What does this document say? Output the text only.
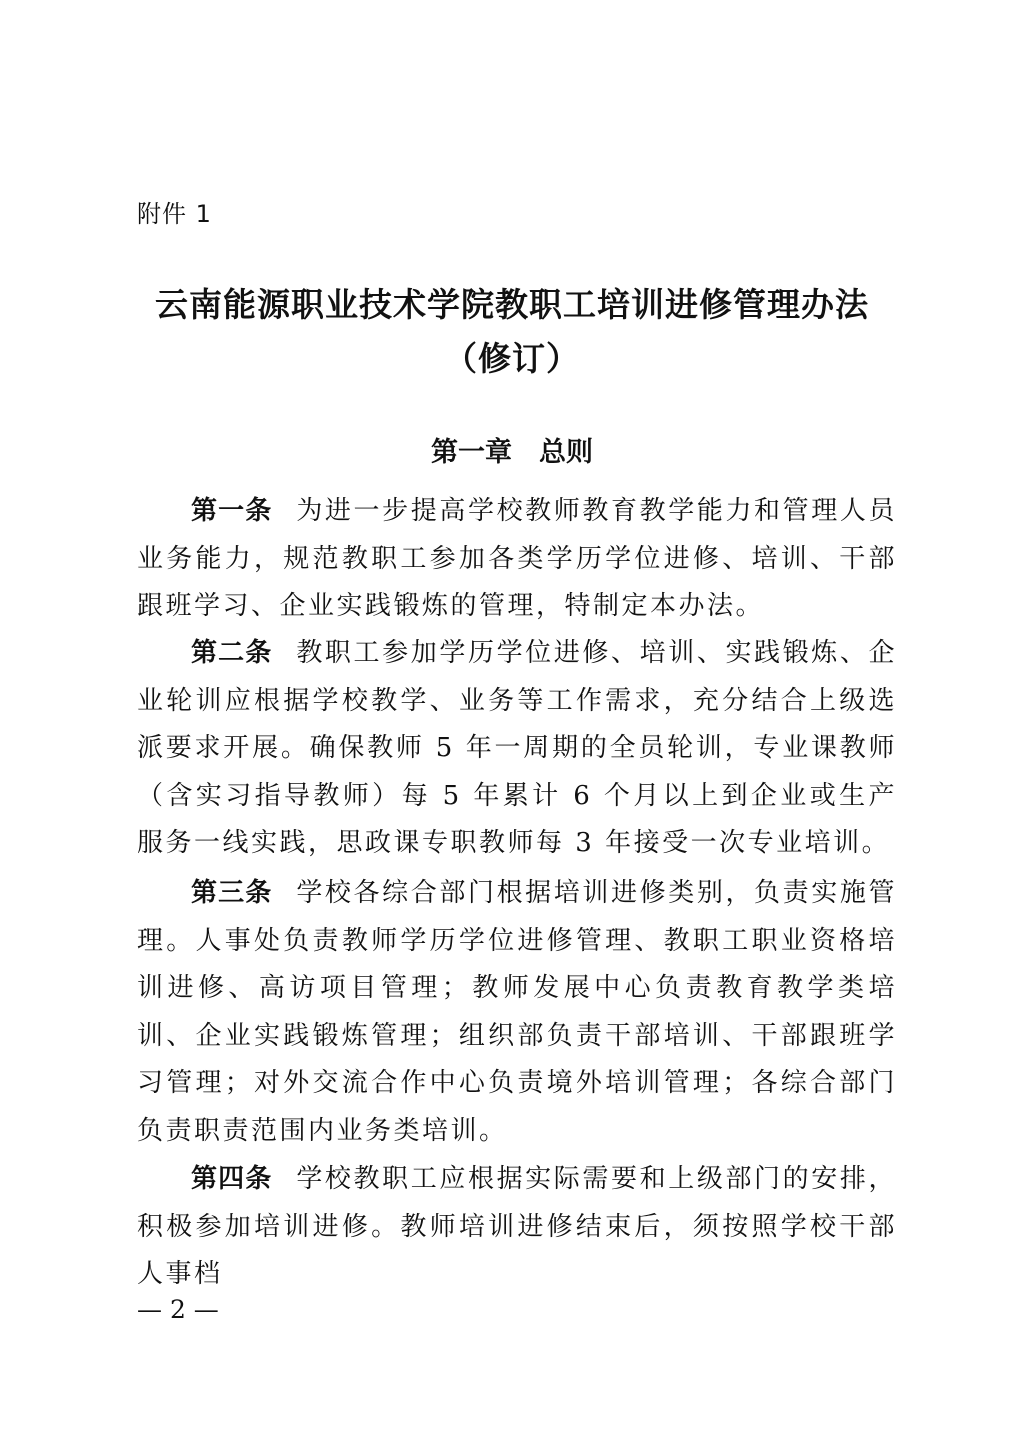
附件 1
云南能源职业技术学院教职工培训进修管理办法
（修订）
第一章　总则

第一条 为进一步提高学校教师教育教学能力和管理人员业务能力，规范教职工参加各类学历学位进修、培训、干部跟班学习、企业实践锻炼的管理，特制定本办法。

第二条 教职工参加学历学位进修、培训、实践锻炼、企业轮训应根据学校教学、业务等工作需求，充分结合上级选派要求开展。确保教师 5 年一周期的全员轮训，专业课教师（含实习指导教师）每 5 年累计 6 个月以上到企业或生产服务一线实践，思政课专职教师每 3 年接受一次专业培训。

第三条 学校各综合部门根据培训进修类别，负责实施管理。人事处负责教师学历学位进修管理、教职工职业资格培训进修、高访项目管理；教师发展中心负责教育教学类培训、企业实践锻炼管理；组织部负责干部培训、干部跟班学习管理；对外交流合作中心负责境外培训管理；各综合部门负责职责范围内业务类培训。

第四条 学校教职工应根据实际需要和上级部门的安排，积极参加培训进修。教师培训进修结束后，须按照学校干部人事档

— 2 —
